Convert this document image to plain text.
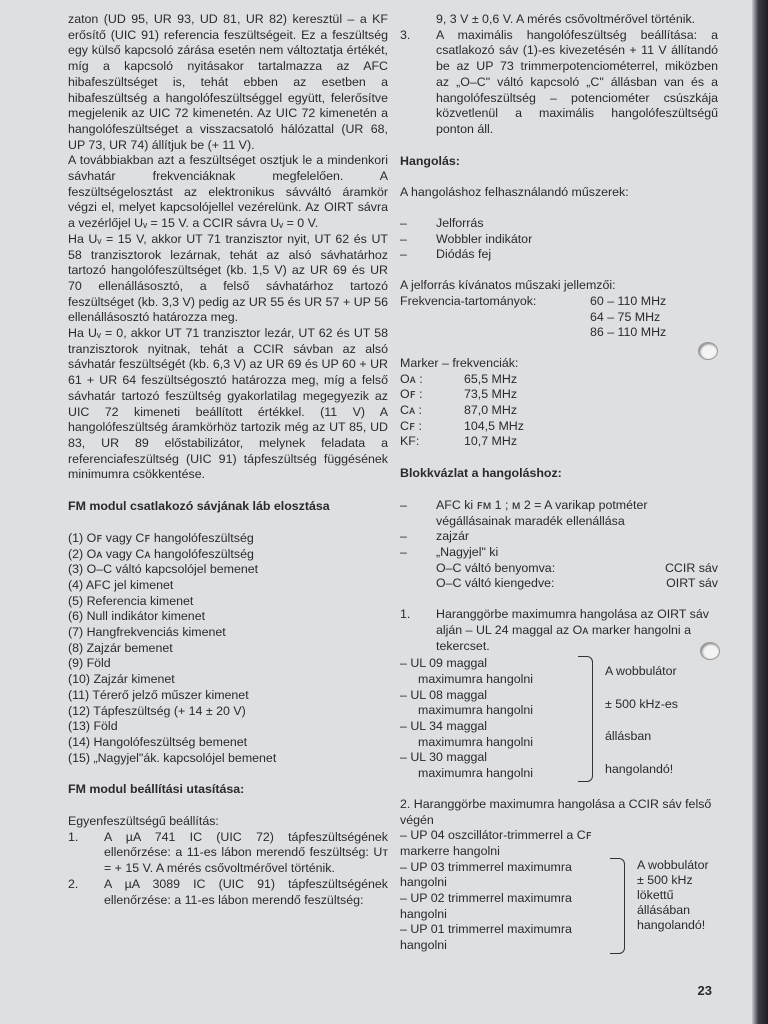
zaton (UD 95, UR 93, UD 81, UR 82) keresztül – a KF erősítő (UIC 91) referencia feszültségeit. Ez a feszültség egy külső kapcsoló zárása esetén nem változtatja értékét, míg a kapcsoló nyitásakor tartalmazza az AFC hibafeszültséget is, tehát ebben az esetben a hibafeszültség a hangolófeszültséggel együtt, felerősítve megjelenik az UIC 72 kimenetén. Az UIC 72 kimenetén a hangolófeszültséget a visszacsatoló hálózattal (UR 68, UP 73, UR 74) állítjuk be (+ 11 V).

A továbbiakban azt a feszültséget osztjuk le a mindenkori sávhatár frekvenciáknak megfelelően. A feszültségelosztást az elektronikus sávváltó áramkör végzi el, melyet kapcsolójellel vezérelünk. Az OIRT sávra a vezérlőjel Uᵥ = 15 V. a CCIR sávra Uᵥ = 0 V.

Ha Uᵥ = 15 V, akkor UT 71 tranzisztor nyit, UT 62 és UT 58 tranzisztorok lezárnak, tehát az alsó sávhatárhoz tartozó hangolófeszültséget (kb. 1,5 V) az UR 69 és UR 70 ellenállásosztó, a felső sávhatárhoz tartozó feszültséget (kb. 3,3 V) pedig az UR 55 és UR 57 + UP 56 ellenállásosztó határozza meg.

Ha Uᵥ = 0, akkor UT 71 tranzisztor lezár, UT 62 és UT 58 tranzisztorok nyitnak, tehát a CCIR sávban az alsó sávhatár feszültségét (kb. 6,3 V) az UR 69 és UP 60 + UR 61 + UR 64 feszültségosztó határozza meg, míg a felső sávhatár tartozó feszültség gyakorlatilag megegyezik az UIC 72 kimeneti beállított értékkel. (11 V) A hangolófeszültség áramkörhöz tartozik még az UT 85, UD 83, UR 89 előstabilizátor, melynek feladata a referenciafeszültség (UIC 91) tápfeszültség függésének minimumra csökkentése.

FM modul csatlakozó sávjának láb elosztása
(1) Oꜰ vagy Cꜰ hangolófeszültség
(2) Oᴀ vagy Cᴀ hangolófeszültség
(3) O–C váltó kapcsolójel bemenet
(4) AFC jel kimenet
(5) Referencia kimenet
(6) Null indikátor kimenet
(7) Hangfrekvenciás kimenet
(8) Zajzár bemenet
(9) Föld
(10) Zajzár kimenet
(11) Térerő jelző műszer kimenet
(12) Tápfeszültség (+ 14 ± 20 V)
(13) Föld
(14) Hangolófeszültség bemenet
(15) „Nagyjel"ák. kapcsolójel bemenet
FM modul beállítási utasítása:
Egyenfeszültségű beállítás:
1.	A µA 741 IC (UIC 72) tápfeszültségének ellenőrzése: a 11-es lábon merendő feszültség: Uᴛ = + 15 V. A mérés csővoltmérővel történik.
2.	A µA 3089 IC (UIC 91) tápfeszültségének ellenőrzése: a 11-es lábon merendő feszültség:
9, 3 V ± 0,6 V. A mérés csővoltmérővel történik.
3.	A maximális hangolófeszültség beállítása: a csatlakozó sáv (1)-es kivezetésén + 11 V állítandó be az UP 73 trimmerpotenciométerrel, miközben az „O–C" váltó kapcsoló „C" állásban van és a hangolófeszültség – potenciométer csúszkája közvetlenül a maximális hangolófeszültségű ponton áll.
Hangolás:
A hangoláshoz felhasználandó műszerek:
–	Jelforrás
–	Wobbler indikátor
–	Diódás fej
A jelforrás kívánatos műszaki jellemzői:
Frekvencia-tartományok:	60 – 110 MHz
64 – 75 MHz
86 – 110 MHz
Marker – frekvenciák:
Oᴀ :	65,5 MHz
Oꜰ :	73,5 MHz
Cᴀ :	87,0 MHz
Cꜰ :	104,5 MHz
KF:	10,7 MHz
Blokkvázlat a hangoláshoz:
–	AFC ki ꜰᴍ 1 ; ᴍ 2 = A varikap potméter végállásainak maradék ellenállása
–	zajzár
–	„Nagyjel" ki
O–C váltó benyomva:	CCIR sáv
O–C váltó kiengedve:	OIRT sáv
1.	Haranggörbe maximumra hangolása az OIRT sáv alján – UL 24 maggal az Oᴀ marker hangolni a tekercset.
– UL 09 maggal
maximumra hangolni
– UL 08 maggal
maximumra hangolni
– UL 34 maggal
maximumra hangolni
– UL 30 maggal
maximumra hangolni
A wobbulátor
± 500 kHz-es
állásban
hangolandó!
2. Haranggörbe maximumra hangolása a CCIR sáv felső végén
– UP 04 oszcillátor-trimmerrel a Cꜰ markerre hangolni
– UP 03 trimmerrel maximumra hangolni
– UP 02 trimmerrel maximumra hangolni
– UP 01 trimmerrel maximumra hangolni
A wobbulátor
± 500 kHz
lökettű
állásában
hangolandó!
23
